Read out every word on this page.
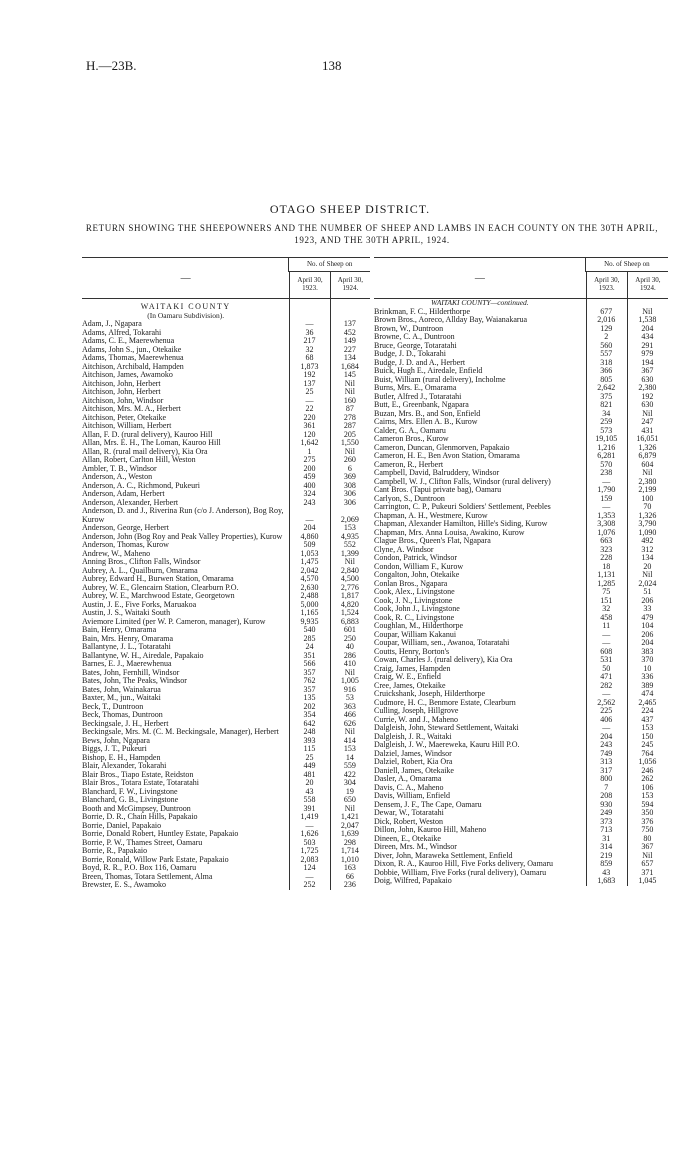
H.—23B.	138
OTAGO SHEEP DISTRICT.
RETURN SHOWING THE SHEEPOWNERS AND THE NUMBER OF SHEEP AND LAMBS IN EACH COUNTY ON THE 30TH APRIL, 1923, AND THE 30TH APRIL, 1924.
—
No. of Sheep on
April 30, 1923.
April 30, 1924.
WAITAKI COUNTY
(In Oamaru Subdivision).
Adam, J., Ngapara	—	137
Adams, Alfred, Tokarahi	36	452
Adams, C. E., Maerewhenua	217	149
Adams, John S., jun., Otekaike	32	227
Adams, Thomas, Maerewhenua	68	134
Aitchison, Archibald, Hampden	1,873	1,684
Aitchison, James, Awamoko	192	145
Aitchison, John, Herbert	137	Nil
Aitchison, John, Herbert	25	Nil
Aitchison, John, Windsor	—	160
Aitchison, Mrs. M. A., Herbert	22	87
Aitchison, Peter, Otekaike	220	278
Aitchison, William, Herbert	361	287
Allan, F. D. (rural delivery), Kauroo Hill	120	205
Allan, Mrs. E. H., The Loman, Kauroo Hill	1,642	1,550
Allan, R. (rural mail delivery), Kia Ora	1	Nil
Allan, Robert, Carlton Hill, Weston	275	260
Ambler, T. B., Windsor	200	6
Anderson, A., Weston	459	369
Anderson, A. C., Richmond, Pukeuri	400	308
Anderson, Adam, Herbert	324	306
Anderson, Alexander, Herbert	243	306
Anderson, D. and J., Riverina Run (c/o J. Anderson), Bog Roy, Kurow	—	2,069
Anderson, George, Herbert	204	153
Anderson, John (Bog Roy and Peak Valley Properties), Kurow	4,860	4,935
Anderson, Thomas, Kurow	509	552
Andrew, W., Maheno	1,053	1,399
Anning Bros., Clifton Falls, Windsor	1,475	Nil
Aubrey, A. L., Quailburn, Omarama	2,042	2,840
Aubrey, Edward H., Burwen Station, Omarama	4,570	4,500
Aubrey, W. E., Glencairn Station, Clearburn P.O.	2,630	2,776
Aubrey, W. E., Marchwood Estate, Georgetown	2,488	1,817
Austin, J. E., Five Forks, Maruakoa	5,000	4,820
Austin, J. S., Waitaki South	1,165	1,524
Aviemore Limited (per W. P. Cameron, manager), Kurow	9,935	6,883
Bain, Henry, Omarama	540	601
Bain, Mrs. Henry, Omarama	285	250
Ballantyne, J. L., Totaratahi	24	40
Ballantyne, W. H., Airedale, Papakaio	351	286
Barnes, E. J., Maerewhenua	566	410
Bates, John, Fernhill, Windsor	357	Nil
Bates, John, The Peaks, Windsor	762	1,005
Bates, John, Wainakarua	357	916
Baxter, M., jun., Waitaki	135	53
Beck, T., Duntroon	202	363
Beck, Thomas, Duntroon	354	466
Beckingsale, J. H., Herbert	642	626
Beckingsale, Mrs. M. (C. M. Beckingsale, Manager), Herbert	248	Nil
Bews, John, Ngapara	393	414
Biggs, J. T., Pukeuri	115	153
Bishop, E. H., Hampden	25	14
Blair, Alexander, Tokarahi	449	559
Blair Bros., Tiapo Estate, Reidston	481	422
Blair Bros., Totara Estate, Totaratahi	20	304
Blanchard, F. W., Livingstone	43	19
Blanchard, G. B., Livingstone	558	650
Booth and McGimpsey, Duntroon	391	Nil
Borrie, D. R., Chain Hills, Papakaio	1,419	1,421
Borrie, Daniel, Papakaio	—	2,047
Borrie, Donald Robert, Huntley Estate, Papakaio	1,626	1,639
Borrie, P. W., Thames Street, Oamaru	503	298
Borrie, R., Papakaio	1,725	1,714
Borrie, Ronald, Willow Park Estate, Papakaio	2,083	1,010
Boyd, R. R., P.O. Box 116, Oamaru	124	163
Breen, Thomas, Totara Settlement, Alma	—	66
Brewster, E. S., Awamoko	252	236
—
No. of Sheep on
April 30, 1923.
April 30, 1924.
WAITAKI COUNTY—continued.
Brinkman, F. C., Hilderthorpe	677	Nil
Brown Bros., Aoreco, Allday Bay, Waianakarua	2,016	1,538
Brown, W., Duntroon	129	204
Browne, C. A., Duntroon	2	434
Bruce, George, Totaratahi	560	291
Budge, J. D., Tokarahi	557	979
Budge, J. D. and A., Herbert	318	194
Buick, Hugh E., Airedale, Enfield	366	367
Buist, William (rural delivery), Incholme	805	630
Burns, Mrs. E., Omarama	2,642	2,380
Butler, Alfred J., Totaratahi	375	192
Butt, E., Greenbank, Ngapara	821	630
Buzan, Mrs. B., and Son, Enfield	34	Nil
Cairns, Mrs. Ellen A. B., Kurow	259	247
Calder, G. A., Oamaru	573	431
Cameron Bros., Kurow	19,105	16,051
Cameron, Duncan, Glenmorven, Papakaio	1,216	1,326
Cameron, H. E., Ben Avon Station, Omarama	6,281	6,879
Cameron, R., Herbert	570	604
Campbell, David, Balruddery, Windsor	238	Nil
Campbell, W. J., Clifton Falls, Windsor (rural delivery)	—	2,380
Cant Bros. (Tapui private bag), Oamaru	1,790	2,199
Carlyon, S., Duntroon	159	100
Carrington, C. P., Pukeuri Soldiers' Settlement, Peebles	—	70
Chapman, A. H., Westmere, Kurow	1,353	1,326
Chapman, Alexander Hamilton, Hille's Siding, Kurow	3,308	3,790
Chapman, Mrs. Anna Louisa, Awakino, Kurow	1,076	1,090
Clague Bros., Queen's Flat, Ngapara	663	492
Clyne, A. Windsor	323	312
Condon, Patrick, Windsor	228	134
Condon, William F., Kurow	18	20
Congalton, John, Otekaike	1,131	Nil
Conlan Bros., Ngapara	1,285	2,024
Cook, Alex., Livingstone	75	51
Cook, J. N., Livingstone	151	206
Cook, John J., Livingstone	32	33
Cook, R. C., Livingstone	458	479
Coughlan, M., Hilderthorpe	11	104
Coupar, William Kakanui	—	206
Coupar, William, sen., Awanoa, Totaratahi	—	204
Coutts, Henry, Borton's	608	383
Cowan, Charles J. (rural delivery), Kia Ora	531	370
Craig, James, Hampden	50	10
Craig, W. E., Enfield	471	336
Cree, James, Otekaike	282	389
Cruickshank, Joseph, Hilderthorpe	—	474
Cudmore, H. C., Benmore Estate, Clearburn	2,562	2,465
Culling, Joseph, Hillgrove	225	224
Currie, W. and J., Maheno	406	437
Dalgleish, John, Steward Settlement, Waitaki	—	153
Dalgleish, J. R., Waitaki	204	150
Dalgleish, J. W., Maereweka, Kauru Hill P.O.	243	245
Dalziel, James, Windsor	749	764
Dalziel, Robert, Kia Ora	313	1,056
Daniell, James, Otekaike	317	246
Dasler, A., Omarama	800	262
Davis, C. A., Maheno	7	106
Davis, William, Enfield	208	153
Densem, J. F., The Cape, Oamaru	930	594
Dewar, W., Totaratahi	249	350
Dick, Robert, Weston	373	376
Dillon, John, Kauroo Hill, Maheno	713	750
Dineen, E., Otekaike	31	80
Direen, Mrs. M., Windsor	314	367
Diver, John, Maraweka Settlement, Enfield	219	Nil
Dixon, R. A., Kauroo Hill, Five Forks delivery, Oamaru	859	657
Dobbie, William, Five Forks (rural delivery), Oamaru	43	371
Doig, Wilfred, Papakaio	1,683	1,045
